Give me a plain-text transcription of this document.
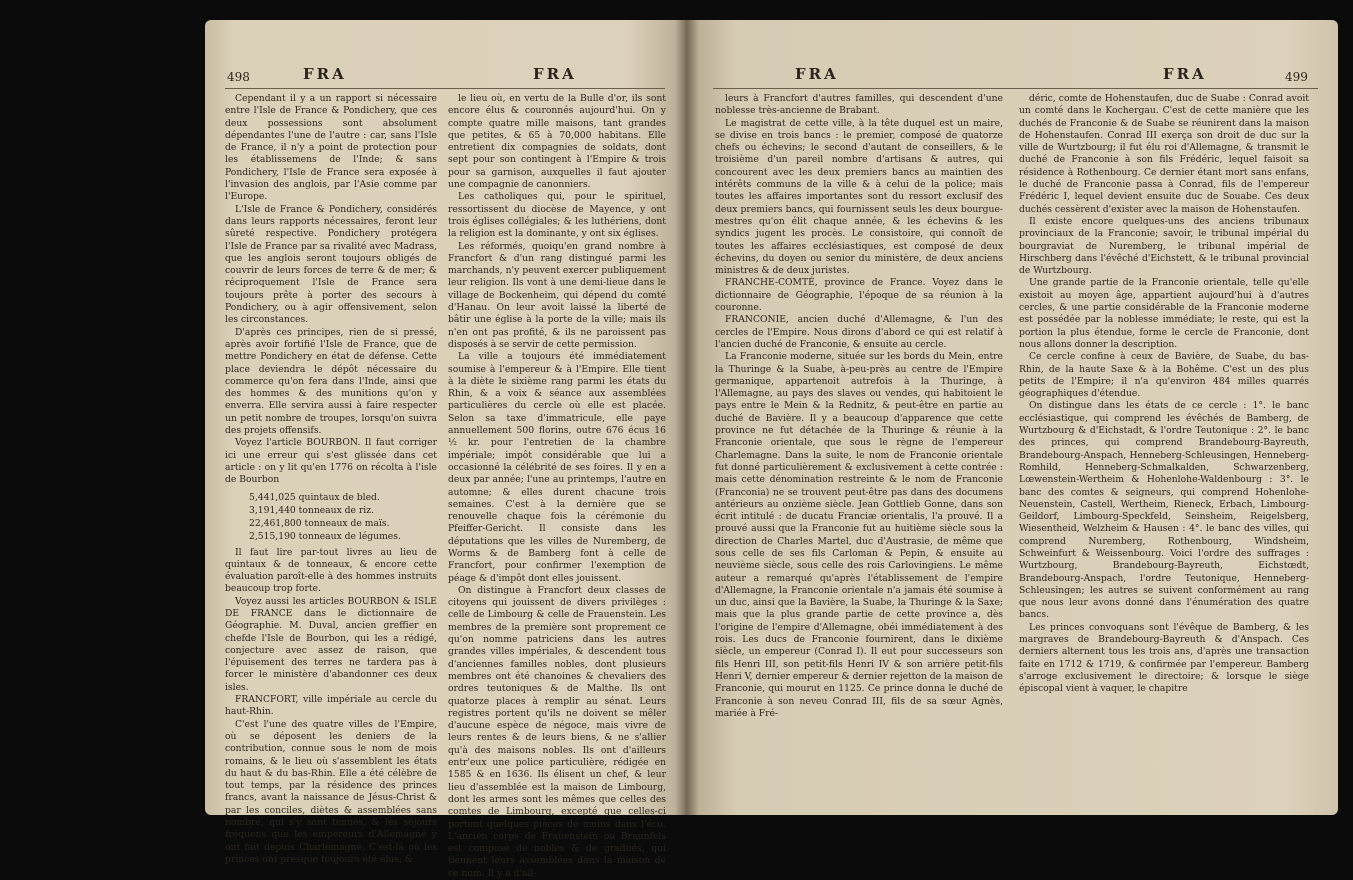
498	FRA	FRA

Cependant il y a un rapport si nécessaire entre l'Isle de France & Pondichery, que ces deux possessions sont absolument dépendantes l'une de l'autre : car, sans l'Isle de France, il n'y a point de protection pour les établissemens de l'Inde; & sans Pondichery, l'Isle de France sera exposée à l'invasion des anglois, par l'Asie comme par l'Europe.

L'Isle de France & Pondichery, considérés dans leurs rapports nécessaires, feront leur sûreté respective. Pondichery protégera l'Isle de France par sa rivalité avec Madrass, que les anglois seront toujours obligés de couvrir de leurs forces de terre & de mer; & réciproquement l'Isle de France sera toujours prête à porter des secours à Pondichery, ou à agir offensivement, selon les circonstances.

D'après ces principes, rien de si pressé, après avoir fortifié l'Isle de France, que de mettre Pondichery en état de défense. Cette place deviendra le dépôt nécessaire du commerce qu'on fera dans l'Inde, ainsi que des hommes & des munitions qu'on y enverra. Elle servira aussi à faire respecter un petit nombre de troupes, lorsqu'on suivra des projets offensifs.

Voyez l'article BOURBON. Il faut corriger ici une erreur qui s'est glissée dans cet article : on y lit qu'en 1776 on récolta à l'isle de Bourbon

5,441,025 quintaux de bled.
3,191,440 tonneaux de riz.
22,461,800 tonneaux de maïs.
2,515,190 tonneaux de légumes.

Il faut lire par-tout livres au lieu de quintaux & de tonneaux, & encore cette évaluation paroît-elle à des hommes instruits beaucoup trop forte.

Voyez aussi les articles BOURBON & ISLE DE FRANCE dans le dictionnaire de Géographie. M. Duval, ancien greffier en chefde l'Isle de Bourbon, qui les a rédigé, conjecture avec assez de raison, que l'épuisement des terres ne tardera pas à forcer le ministère d'abandonner ces deux isles.

FRANCFORT, ville impériale au cercle du haut-Rhin.

C'est l'une des quatre villes de l'Empire, où se déposent les deniers de la contribution, connue sous le nom de mois romains, & le lieu où s'assemblent les états du haut & du bas-Rhin. Elle a été célèbre de tout temps, par la résidence des princes francs, avant la naissance de Jésus-Christ & par les conciles, diètes & assemblées sans nombre, qui s'y sont tenues, & les séjours fréquens que les empereurs d'Allemagne y ont fait depuis Charlemagne. C'est-là où les princes ont presque toujours été élus, &

le lieu où, en vertu de la Bulle d'or, ils sont encore élus & couronnés aujourd'hui. On y compte quatre mille maisons, tant grandes que petites, & 65 à 70,000 habitans. Elle entretient dix compagnies de soldats, dont sept pour son contingent à l'Empire & trois pour sa garnison, auxquelles il faut ajouter une compagnie de canonniers.

Les catholiques qui, pour le spirituel, ressortissent du diocèse de Mayence, y ont trois églises collégiales; & les luthériens, dont la religion est la dominante, y ont six églises.

Les réformés, quoiqu'en grand nombre à Francfort & d'un rang distingué parmi les marchands, n'y peuvent exercer publiquement leur religion. Ils vont à une demi-lieue dans le village de Bockenheim, qui dépend du comté d'Hanau. On leur avoit laissé la liberté de bâtir une église à la porte de la ville; mais ils n'en ont pas profité, & ils ne paroissent pas disposés à se servir de cette permission.

La ville a toujours été immédiatement soumise à l'empereur & à l'Empire. Elle tient à la diète le sixième rang parmi les états du Rhin, & a voix & séance aux assemblées particulières du cercle où elle est placée. Selon sa taxe d'immatricule, elle paye annuellement 500 florins, outre 676 écus 16 ½ kr. pour l'entretien de la chambre impériale; impôt considérable que lui a occasionné la célébrité de ses foires. Il y en a deux par année; l'une au printemps, l'autre en automne; & elles durent chacune trois semaines. C'est à la dernière que se renouvelle chaque fois la cérémonie du Pfeiffer-Gericht. Il consiste dans les députations que les villes de Nuremberg, de Worms & de Bamberg font à celle de Francfort, pour confirmer l'exemption de péage & d'impôt dont elles jouissent.

On distingue à Francfort deux classes de citoyens qui jouissent de divers privilèges : celle de Limbourg & celle de Frauenstein. Les membres de la première sont proprement ce qu'on nomme patriciens dans les autres grandes villes impériales, & descendent tous d'anciennes familles nobles, dont plusieurs membres ont été chanoines & chevaliers des ordres teutoniques & de Malthe. Ils ont quatorze places à remplir au sénat. Leurs registres portent qu'ils ne doivent se mêler d'aucune espèce de négoce, mais vivre de leurs rentes & de leurs biens, & ne s'allier qu'à des maisons nobles. Ils ont d'ailleurs entr'eux une police particulière, rédigée en 1585 & en 1636. Ils élisent un chef, & leur lieu d'assemblée est la maison de Limbourg, dont les armes sont les mêmes que celles des comtes de Limbourg, excepté que celles-ci portent quelques pièces de moins dans l'écu. L'ancien corps de Frauenstein ou Braunfels est composé de nobles & de gradués, qui tiennent leurs assemblées dans la maison de ce nom. Il y a d'ail-

FRA	FRA	499

leurs à Francfort d'autres familles, qui descendent d'une noblesse très-ancienne de Brabant.

Le magistrat de cette ville, à la tête duquel est un maire, se divise en trois bancs : le premier, composé de quatorze chefs ou échevins; le second d'autant de conseillers, & le troisième d'un pareil nombre d'artisans & autres, qui concourent avec les deux premiers bancs au maintien des intérêts communs de la ville & à celui de la police; mais toutes les affaires importantes sont du ressort exclusif des deux premiers bancs, qui fournissent seuls les deux bourgue-mestres qu'on élit chaque année, & les échevins & les syndics jugent les procès. Le consistoire, qui connoît de toutes les affaires ecclésiastiques, est composé de deux échevins, du doyen ou senior du ministère, de deux anciens ministres & de deux juristes.

FRANCHE-COMTÉ, province de France. Voyez dans le dictionnaire de Géographie, l'époque de sa réunion à la couronne.

FRANCONIE, ancien duché d'Allemagne, & l'un des cercles de l'Empire. Nous dirons d'abord ce qui est relatif à l'ancien duché de Franconie, & ensuite au cercle.

La Franconie moderne, située sur les bords du Mein, entre la Thuringe & la Suabe, à-peu-près au centre de l'Empire germanique, appartenoit autrefois à la Thuringe, à l'Allemagne, au pays des slaves ou vendes, qui habitoient le pays entre le Mein & la Rednitz, & peut-être en partie au duché de Bavière. Il y a beaucoup d'apparence que cette province ne fut détachée de la Thuringe & réunie à la Franconie orientale, que sous le règne de l'empereur Charlemagne. Dans la suite, le nom de Franconie orientale fut donné particulièrement & exclusivement à cette contrée : mais cette dénomination restreinte & le nom de Franconie (Franconia) ne se trouvent peut-être pas dans des documens antérieurs au onzième siècle. Jean Gottlieb Gonne, dans son écrit intitulé : de ducatu Franciæ orientalis, l'a prouvé. Il a prouvé aussi que la Franconie fut au huitième siècle sous la direction de Charles Martel, duc d'Austrasie, de même que sous celle de ses fils Carloman & Pepin, & ensuite au neuvième siècle, sous celle des rois Carlovingiens. Le même auteur a remarqué qu'après l'établissement de l'empire d'Allemagne, la Franconie orientale n'a jamais été soumise à un duc, ainsi que la Bavière, la Suabe, la Thuringe & la Saxe; mais que la plus grande partie de cette province a, dès l'origine de l'empire d'Allemagne, obéi immédiatement à des rois. Les ducs de Franconie fournirent, dans le dixième siècle, un empereur (Conrad I). Il eut pour successeurs son fils Henri III, son petit-fils Henri IV & son arrière petit-fils Henri V, dernier empereur & dernier rejetton de la maison de Franconie, qui mourut en 1125. Ce prince donna le duché de Franconie à son neveu Conrad III, fils de sa sœur Agnès, mariée à Fré-

déric, comte de Hohenstaufen, duc de Suabe : Conrad avoit un comté dans le Kochergau. C'est de cette manière que les duchés de Franconie & de Suabe se réunirent dans la maison de Hohenstaufen. Conrad III exerça son droit de duc sur la ville de Wurtzbourg; il fut élu roi d'Allemagne, & transmit le duché de Franconie à son fils Frédéric, lequel faisoit sa résidence à Rothenbourg. Ce dernier étant mort sans enfans, le duché de Franconie passa à Conrad, fils de l'empereur Frédéric I, lequel devient ensuite duc de Souabe. Ces deux duchés cessèrent d'exister avec la maison de Hohenstaufen.

Il existe encore quelques-uns des anciens tribunaux provinciaux de la Franconie; savoir, le tribunal impérial du bourgraviat de Nuremberg, le tribunal impérial de Hirschberg dans l'évêché d'Eichstett, & le tribunal provincial de Wurtzbourg.

Une grande partie de la Franconie orientale, telle qu'elle existoit au moyen âge, appartient aujourd'hui à d'autres cercles, & une partie considérable de la Franconie moderne est possédée par la noblesse immédiate; le reste, qui est la portion la plus étendue, forme le cercle de Franconie, dont nous allons donner la description.

Ce cercle confine à ceux de Bavière, de Suabe, du bas-Rhin, de la haute Saxe & à la Bohême. C'est un des plus petits de l'Empire; il n'a qu'environ 484 milles quarrés géographiques d'étendue.

On distingue dans les états de ce cercle : 1°. le banc ecclésiastique, qui comprend les évêchés de Bamberg, de Wurtzbourg & d'Eichstadt, & l'ordre Teutonique : 2°. le banc des princes, qui comprend Brandebourg-Bayreuth, Brandebourg-Anspach, Henneberg-Schleusingen, Henneberg-Romhild, Henneberg-Schmalkalden, Schwarzenberg, Lœwenstein-Wertheim & Hohenlohe-Waldenbourg : 3°. le banc des comtes & seigneurs, qui comprend Hohenlohe-Neuenstein, Castell, Wertheim, Rieneck, Erbach, Limbourg-Geildorf, Limbourg-Speckfeld, Seinsheim, Reigelsberg, Wiesentheid, Welzheim & Hausen : 4°. le banc des villes, qui comprend Nuremberg, Rothenbourg, Windsheim, Schweinfurt & Weissenbourg. Voici l'ordre des suffrages : Wurtzbourg, Brandebourg-Bayreuth, Eichstœdt, Brandebourg-Anspach, l'ordre Teutonique, Henneberg-Schleusingen; les autres se suivent conformément au rang que nous leur avons donné dans l'énumération des quatre bancs.

Les princes convoquans sont l'évêque de Bamberg, & les margraves de Brandebourg-Bayreuth & d'Anspach. Ces derniers alternent tous les trois ans, d'après une transaction faite en 1712 & 1719, & confirmée par l'empereur. Bamberg s'arroge exclusivement le directoire; & lorsque le siège épiscopal vient à vaquer, le chapitre
